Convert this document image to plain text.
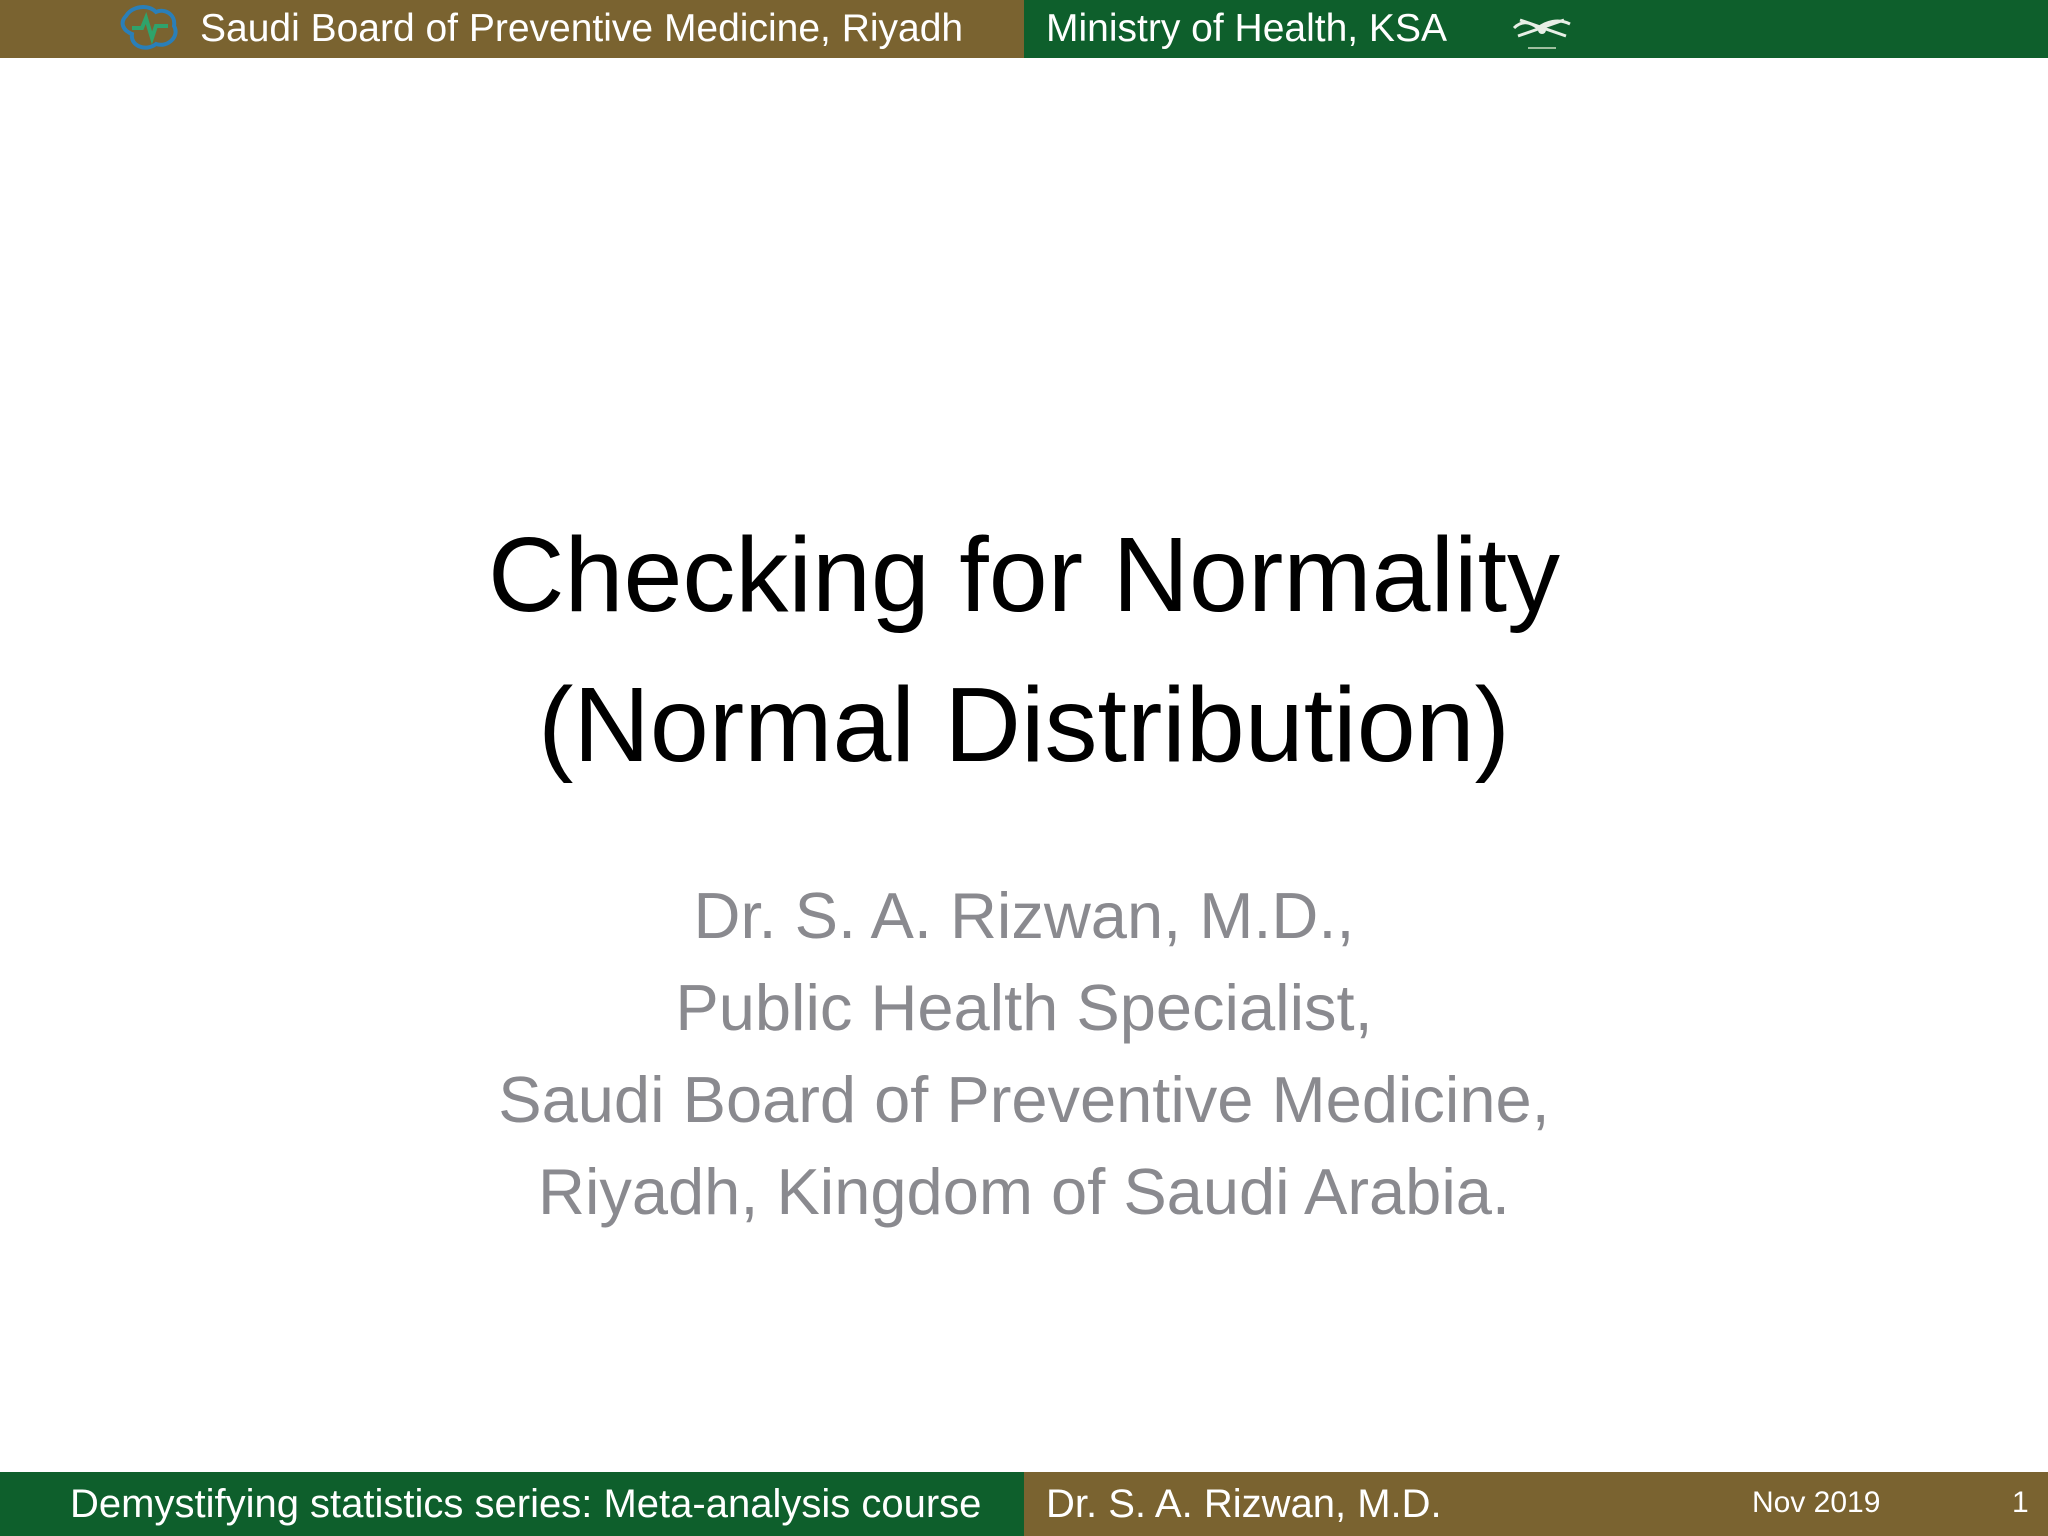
Saudi Board of Preventive Medicine, Riyadh Ministry of Health, KSA
Checking for Normality
(Normal Distribution)
Dr. S. A. Rizwan, M.D.,
Public Health Specialist,
Saudi Board of Preventive Medicine,
Riyadh, Kingdom of Saudi Arabia.
Demystifying statistics series: Meta-analysis course Dr. S. A. Rizwan, M.D.	Nov 2019	1
